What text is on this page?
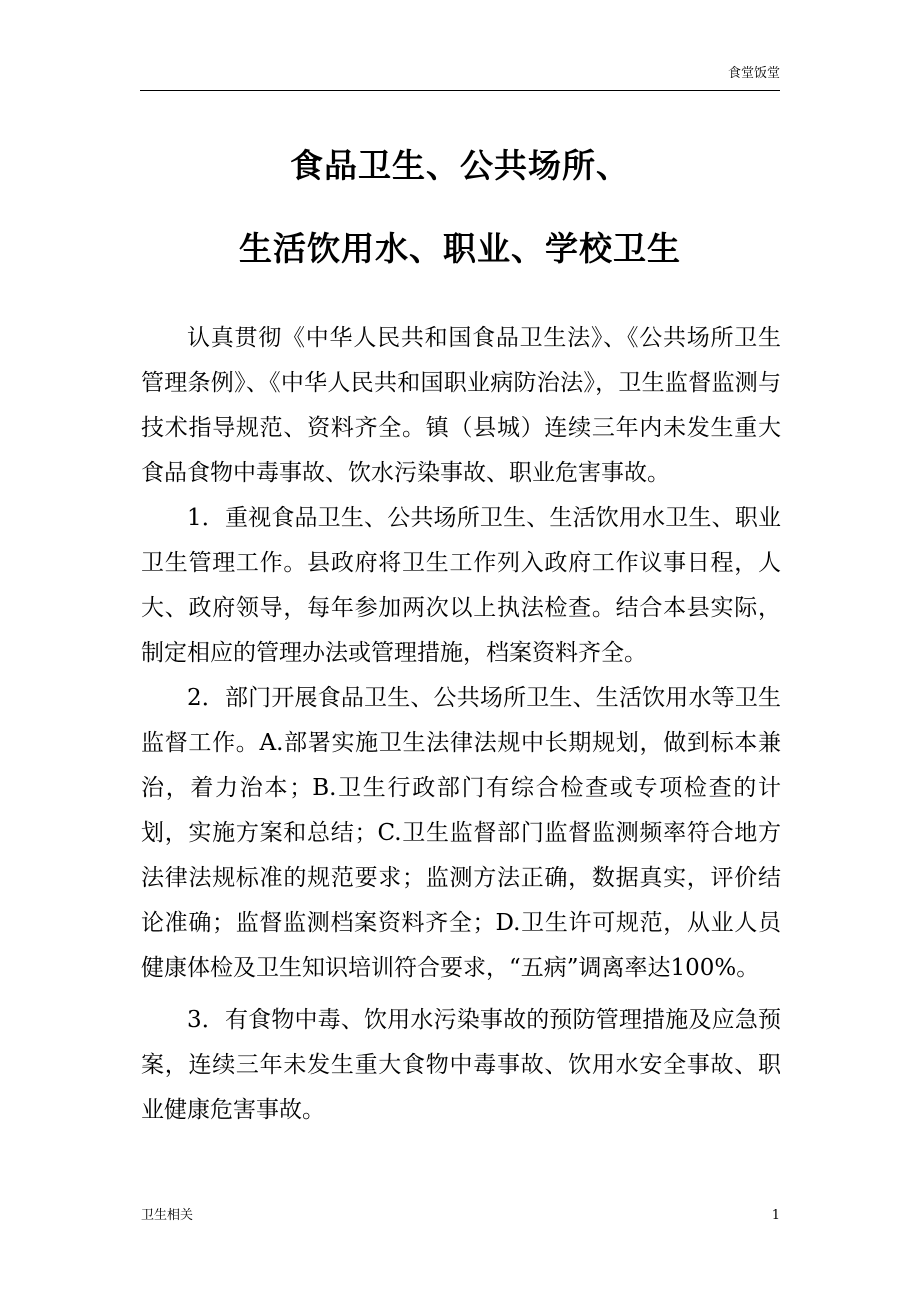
食堂饭堂
食品卫生、公共场所、
生活饮用水、职业、学校卫生

认真贯彻《中华人民共和国食品卫生法》、《公共场所卫生管理条例》、《中华人民共和国职业病防治法》，卫生监督监测与技术指导规范、资料齐全。镇（县城）连续三年内未发生重大食品食物中毒事故、饮水污染事故、职业危害事故。

1．重视食品卫生、公共场所卫生、生活饮用水卫生、职业卫生管理工作。县政府将卫生工作列入政府工作议事日程，人大、政府领导，每年参加两次以上执法检查。结合本县实际，制定相应的管理办法或管理措施，档案资料齐全。

2．部门开展食品卫生、公共场所卫生、生活饮用水等卫生监督工作。A.部署实施卫生法律法规中长期规划，做到标本兼治，着力治本；B.卫生行政部门有综合检查或专项检查的计划，实施方案和总结；C.卫生监督部门监督监测频率符合地方法律法规标准的规范要求；监测方法正确，数据真实，评价结论准确；监督监测档案资料齐全；D.卫生许可规范，从业人员健康体检及卫生知识培训符合要求，“五病”调离率达100%。

3．有食物中毒、饮用水污染事故的预防管理措施及应急预案，连续三年未发生重大食物中毒事故、饮用水安全事故、职业健康危害事故。

卫生相关	1
